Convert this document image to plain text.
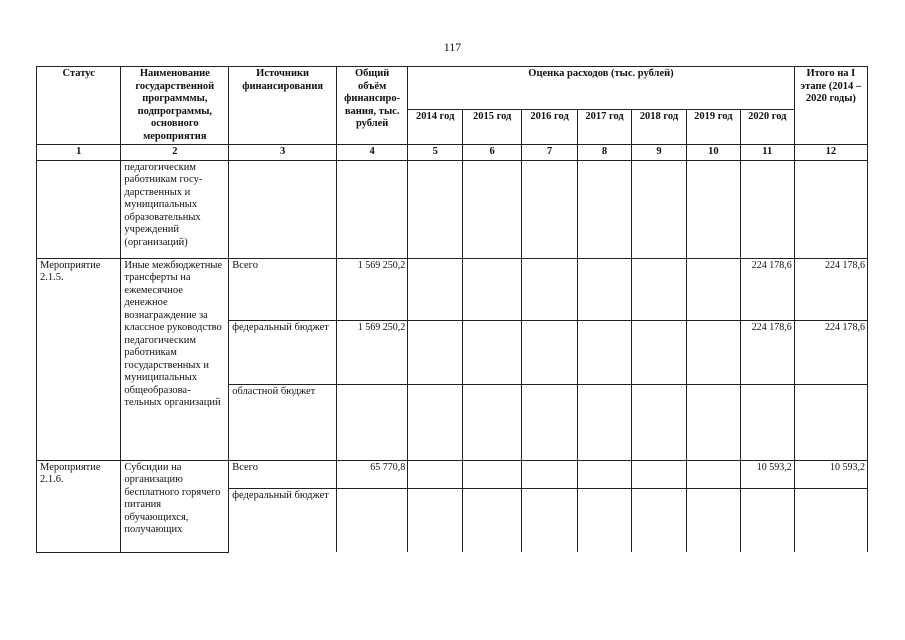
117
Статус	Наименование государственной программмы, подпрограммы, основного мероприятия	Источники финансирования	Общий объём финансиро-вания, тыс. рублей	Оценка расходов (тыс. рублей)							Итого на I этапе (2014 – 2020 годы)
				2014 год	2015 год	2016 год	2017 год	2018 год	2019 год	2020 год	
1	2	3	4	5	6	7	8	9	10	11	12
	педагогическим работникам госу-дарственных и муниципальных образовательных учреждений (организаций)										
Мероприятие 2.1.5.	Иные межбюджетные трансферты на ежемесячное денежное вознаграждение за классное руководство педагогическим работникам государственных и муниципальных общеобразова-тельных организаций	Всего	1 569 250,2							224 178,6	224 178,6
		федеральный бюджет	1 569 250,2							224 178,6	224 178,6
		областной бюджет									
Мероприятие 2.1.6.	Субсидии на организацию бесплатного горячего питания обучающихся, получающих	Всего	65 770,8							10 593,2	10 593,2
		федеральный бюджет									
